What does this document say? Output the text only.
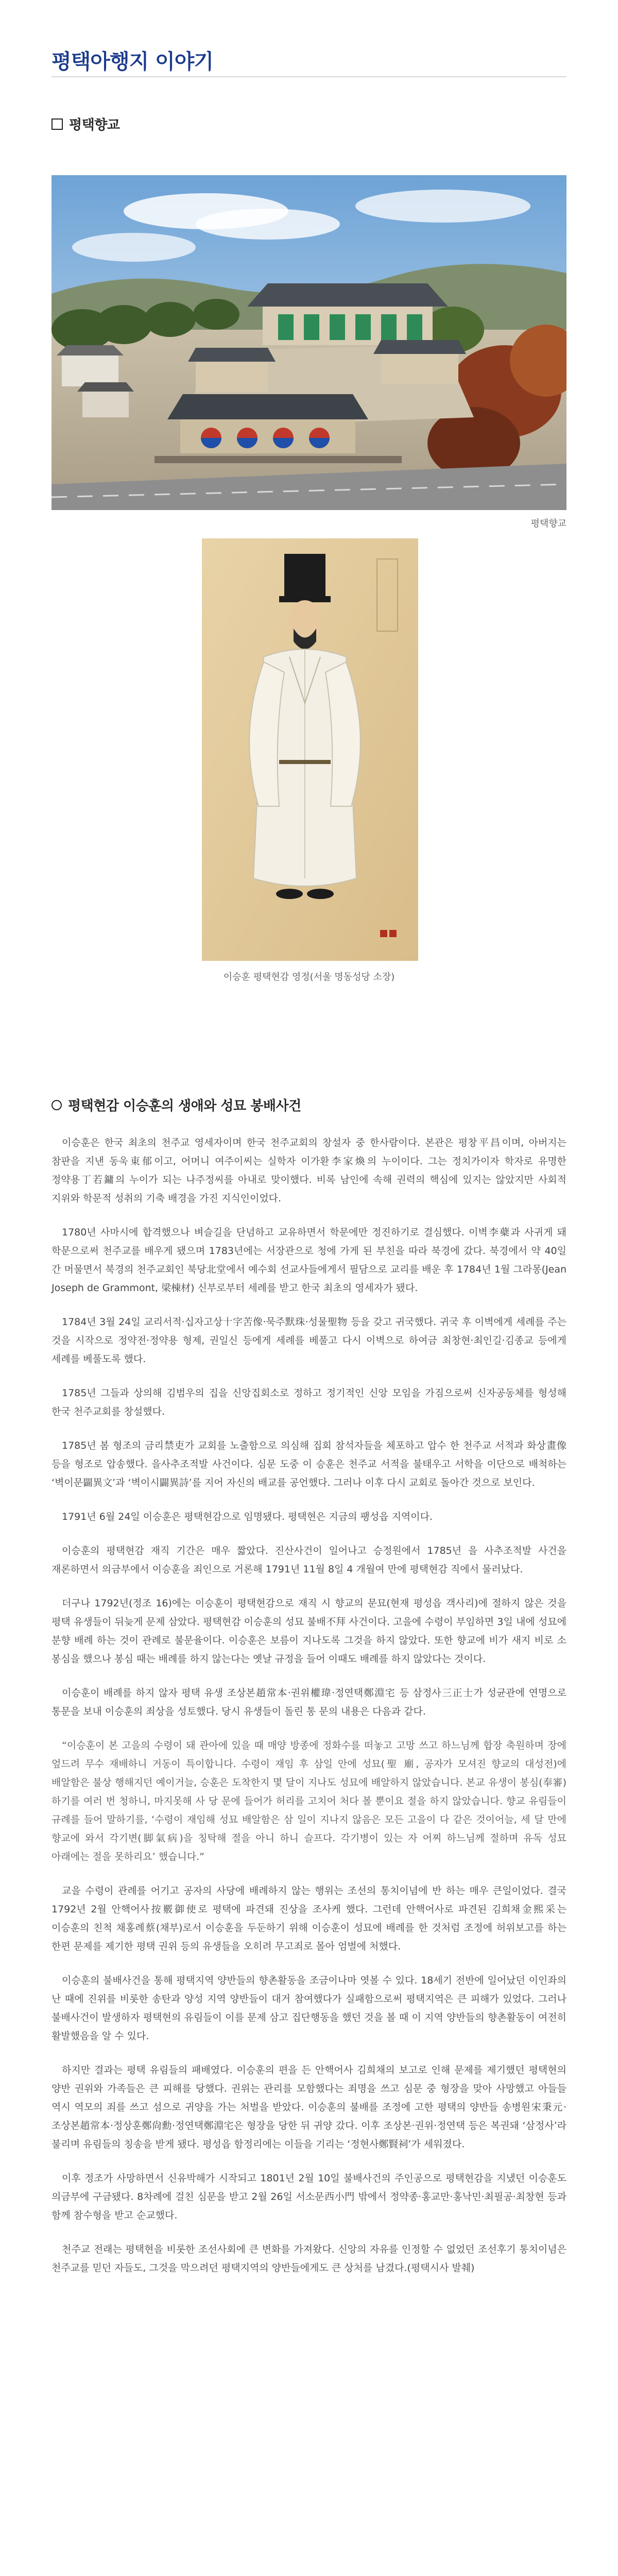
평택아행지 이야기
평택향교
평택향교
이승훈 평택현감 영정(서울 명동성당 소장)
평택현감 이승훈의 생애와 성묘 봉배사건

이승훈은 한국 최초의 천주교 영세자이며 한국 천주교회의 창설자 중 한사람이다. 본관은 평창平昌이며, 아버지는 참판을 지낸 동욱東郁이고, 어머니 여주이씨는 실학자 이가환李家煥의 누이이다. 그는 정치가이자 학자로 유명한 정약용丁若鏞의 누이가 되는 나주정씨를 아내로 맞이했다. 비록 남인에 속해 권력의 핵심에 있지는 않았지만 사회적 지위와 학문적 성취의 기축 배경을 가진 지식인이었다.

1780년 사마시에 합격했으나 벼슬길을 단념하고 교유하면서 학문에만 정진하기로 결심했다. 이벽李蘗과 사귀게 돼 학문으로써 천주교를 배우게 됐으며 1783년에는 서장관으로 청에 가게 된 부친을 따라 북경에 갔다. 북경에서 약 40일 간 머물면서 북경의 천주교회인 북당北堂에서 예수회 선교사들에게서 필담으로 교리를 배운 후 1784년 1월 그라몽(Jean Joseph de Grammont, 梁棟材) 신부로부터 세례를 받고 한국 최초의 영세자가 됐다.

1784년 3월 24일 교리서적·십자고상十字苦像·묵주默珠·성물聖物 등을 갖고 귀국했다. 귀국 후 이벽에게 세례를 주는 것을 시작으로 정약전·정약용 형제, 권일신 등에게 세례를 베풀고 다시 이벽으로 하여금 최창현·최인길·김종교 등에게 세례를 베풀도록 했다.

1785년 그들과 상의해 김범우의 집을 신앙집회소로 정하고 정기적인 신앙 모임을 가짐으로써 신자공동체를 형성해 한국 천주교회를 창설했다.

1785년 봄 형조의 금리禁吏가 교회를 노출함으로 의심해 집회 참석자들을 체포하고 압수 한 천주교 서적과 화상畫像 등을 형조로 압송했다. 을사추조적발 사건이다. 심문 도중 이 승훈은 천주교 서적을 불태우고 서학을 이단으로 배척하는 ‘벽이문闢異文’과 ‘벽이시闢異詩’를 지어 자신의 배교를 공언했다. 그러나 이후 다시 교회로 돌아간 것으로 보인다.

1791년 6월 24일 이승훈은 평택현감으로 임명됐다. 평택현은 지금의 팽성읍 지역이다.

이승훈의 평택현감 재직 기간은 매우 짧았다. 진산사건이 일어나고 승정원에서 1785년 을 사추조적발 사건을 재론하면서 의금부에서 이승훈을 죄인으로 거론해 1791년 11월 8일 4 개월여 만에 평택현감 직에서 물러났다.

더구나 1792년(정조 16)에는 이승훈이 평택현감으로 재직 시 향교의 문묘(현재 평성읍 객사리)에 절하지 않은 것을 평택 유생들이 뒤늦게 문제 삼았다. 평택현감 이승훈의 성묘 불배不拜 사건이다. 고을에 수령이 부임하면 3일 내에 성묘에 분향 배례 하는 것이 관례로 불문율이다. 이승훈은 보름이 지나도록 그것을 하지 않았다. 또한 향교에 비가 새지 비로 소 봉심을 했으나 봉심 때는 배례를 하지 않는다는 옛날 규정을 들어 이때도 배례를 하지 않았다는 것이다.

이승훈이 배례를 하지 않자 평택 유생 조상본趙常本·권위權瑋·정연택鄭淵宅 등 삼정사三正士가 성균관에 연명으로 통문을 보내 이승훈의 죄상을 성토했다. 당시 유생들이 돌린 통 문의 내용은 다음과 같다.

“이승훈이 본 고을의 수령이 돼 관아에 있을 때 매양 방종에 정화수를 떠놓고 고망 쓰고 하느님께 합장 축원하며 장에 엎드려 무수 재배하니 거동이 특이합니다. 수령이 재임 후 삼일 안에 성묘(聖 廟, 공자가 모셔진 향교의 대성전)에 배알함은 불상 행해지던 예이거늘, 승훈은 도착한지 몇 달이 지나도 성묘에 배알하지 않았습니다. 본교 유생이 봉심(奉審)하기를 여러 번 청하니, 마지못해 사 당 문에 들어가 허리를 고치어 처다 볼 뿐이요 절을 하지 않았습니다. 향교 유림들이 규례를 들어 말하기를, ‘수령이 재임해 성묘 배알함은 삼 일이 지나지 않음은 모든 고을이 다 같은 것이어늘, 세 달 만에 향교에 와서 각기변(脚氣病)을 칭탁해 절을 아니 하니 슬프다. 각기병이 있는 자 어찌 하느님께 절하며 유독 성묘 아래에는 절을 못하리요’ 했습니다.”

교을 수령이 관례를 어기고 공자의 사당에 배례하지 않는 행위는 조선의 통치이념에 반 하는 매우 큰일이었다. 결국 1792년 2월 안핵어사按覈御使로 평택에 파견돼 진상을 조사케 했다. 그런데 안핵어사로 파견된 김희채金熙采는 이승훈의 친척 채홍례蔡(채부)로서 이승훈을 두둔하기 위해 이승훈이 성묘에 배례를 한 것처럼 조정에 허위보고를 하는 한편 문제를 제기한 평택 권위 등의 유생들을 오히려 무고죄로 몰아 엄벌에 처했다.

이승훈의 불배사건을 통해 평택지역 양반들의 향촌활동을 조금이나마 엿볼 수 있다. 18세기 전반에 일어났던 이인좌의 난 때에 진위를 비롯한 송탄과 양성 지역 양반들이 대거 참여했다가 실패함으로써 평택지역은 큰 피해가 있었다. 그러나 불배사건이 발생하자 평택현의 유림들이 이를 문제 삼고 집단행동을 했던 것을 볼 때 이 지역 양반들의 향촌활동이 여전히 활발했음을 알 수 있다.

하지만 결과는 평택 유림들의 패배였다. 이승훈의 편을 든 안핵어사 김희채의 보고로 인해 문제를 제기했던 평택현의 양반 권위와 가족들은 큰 피해를 당했다. 권위는 관리를 모함했다는 죄명을 쓰고 심문 중 형장을 맞아 사망했고 아들들 역시 역모의 죄를 쓰고 섬으로 귀양을 가는 처벌을 받았다. 이승훈의 불배를 조정에 고한 평택의 양반들 송병원宋秉元·조상본趙常本·정상훈鄭尙勳·정연택鄭淵宅은 형장을 당한 뒤 귀양 갔다. 이후 조상본·권위·정연택 등은 복권돼 ‘삼정사’라 불리며 유림들의 칭송을 받게 됐다. 평성읍 함정리에는 이들을 기리는 ‘정현사鄭賢祠’가 세워졌다.

이후 정조가 사망하면서 신유박해가 시작되고 1801년 2월 10일 불배사건의 주인공으로 평택현감을 지냈던 이승훈도 의금부에 구금됐다. 8차례에 걸친 심문을 받고 2월 26일 서소문西小門 밖에서 정약종·홍교만·홍낙민·최필공·최창현 등과 함께 참수형을 받고 순교했다.

천주교 전래는 평택현을 비롯한 조선사회에 큰 변화를 가져왔다. 신앙의 자유를 인정할 수 없었던 조선후기 통치이념은 천주교를 믿던 자들도, 그것을 막으려던 평택지역의 양반들에게도 큰 상처를 남겼다.(평택시사 발췌)
